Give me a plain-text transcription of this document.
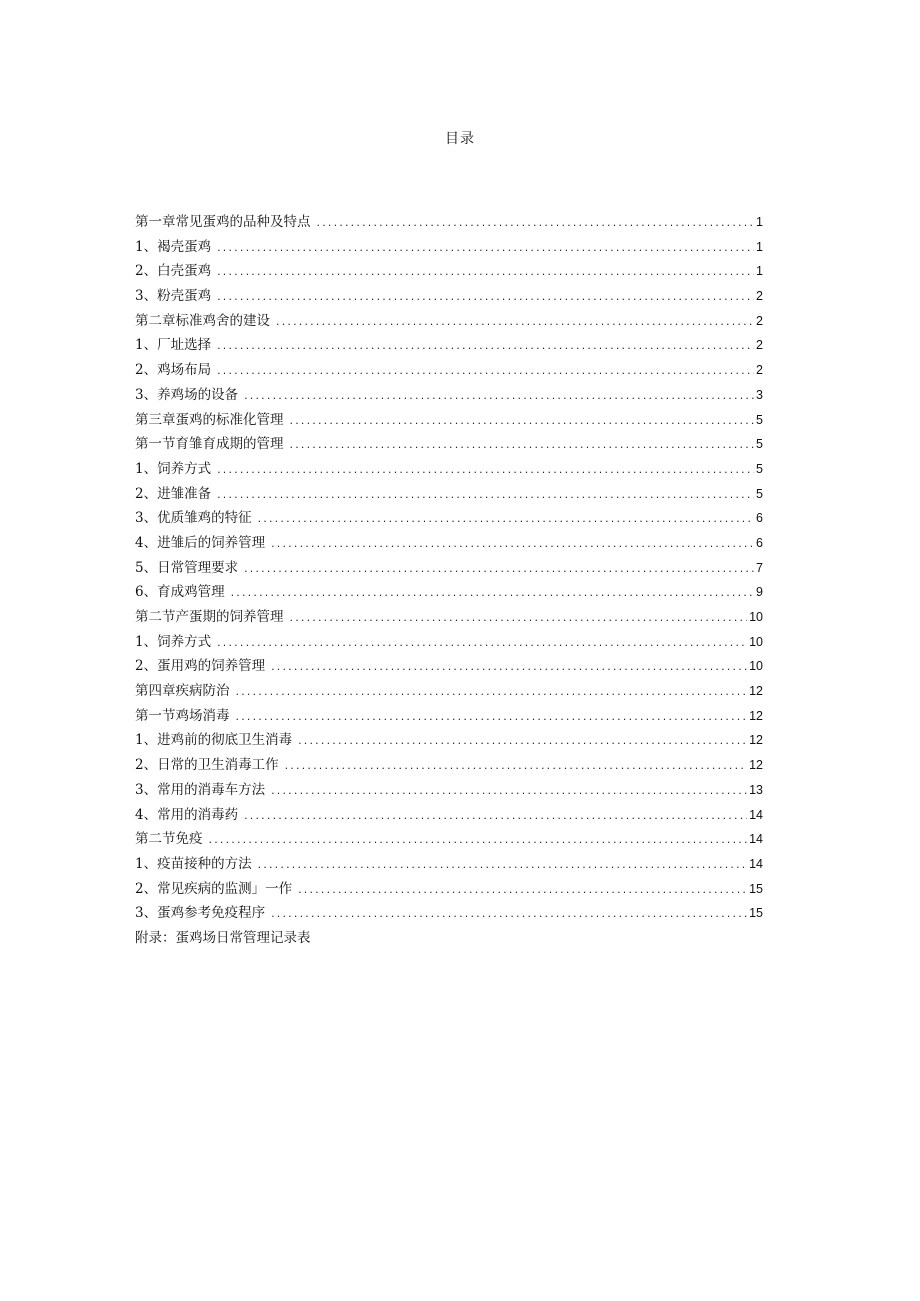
目录
第一章常见蛋鸡的品种及特点 .....	1
1、褐壳蛋鸡 .....	1
2、白壳蛋鸡 .....	1
3、粉壳蛋鸡 .....	2
第二章标准鸡舍的建设 .....	2
1、厂址选择 .....	2
2、鸡场布局 .....	2
3、养鸡场的设备 .....	3
第三章蛋鸡的标准化管理 .....	5
第一节育雏育成期的管理 .....	5
1、饲养方式 .....	5
2、进雏准备 .....	5
3、优质雏鸡的特征 .....	6
4、进雏后的饲养管理 .....	6
5、日常管理要求 .....	7
6、育成鸡管理 .....	9
第二节产蛋期的饲养管理 .....	10
1、饲养方式 .....	10
2、蛋用鸡的饲养管理 .....	10
第四章疾病防治 .....	12
第一节鸡场消毒 .....	12
1、进鸡前的彻底卫生消毒 .....	12
2、日常的卫生消毒工作 .....	12
3、常用的消毒车方法 .....	13
4、常用的消毒药 .....	14
第二节免疫 .....	14
1、疫苗接种的方法 .....	14
2、常见疾病的监测」一作 .....	15
3、蛋鸡参考免疫程序 .....	15
附录：蛋鸡场日常管理记录表
